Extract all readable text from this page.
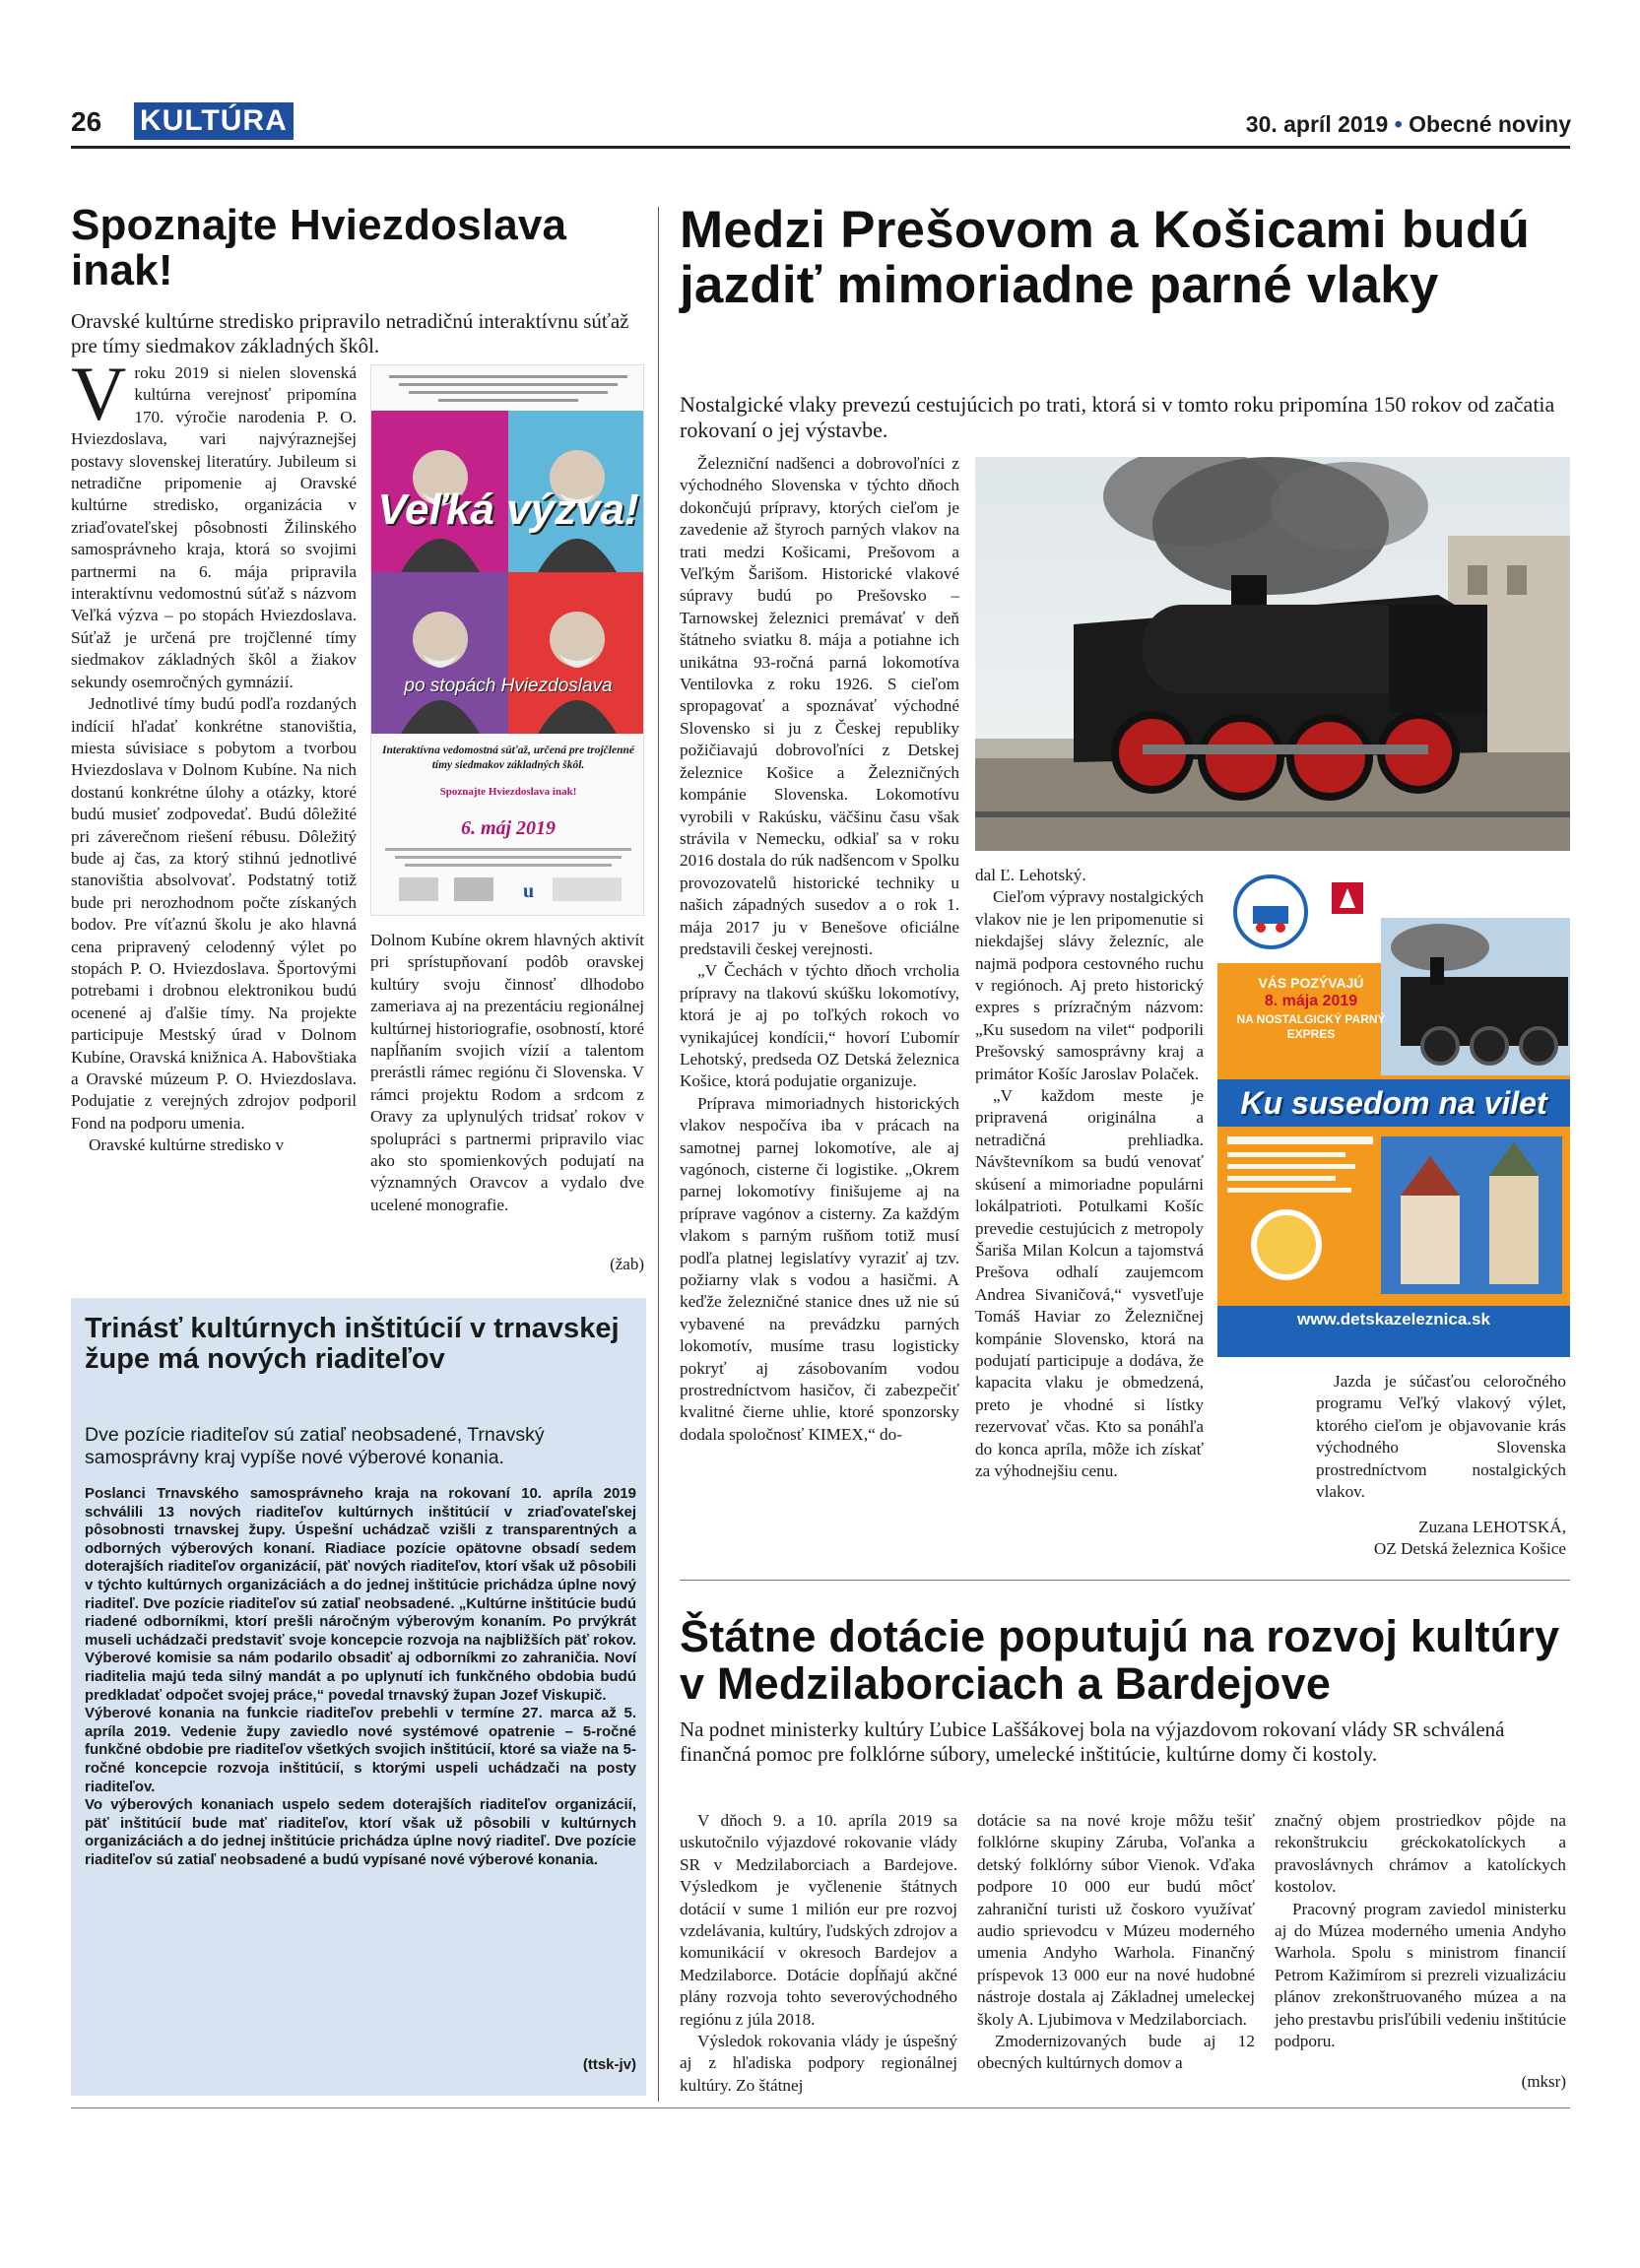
26 KULTÚRA	30. apríl 2019 • Obecné noviny
Spoznajte Hviezdoslava inak!
Oravské kultúrne stredisko pripravilo netradičnú interaktívnu súťaž pre tímy siedmakov základných škôl.

Vroku 2019 si nielen slovenská kultúrna verejnosť pripomína 170. výročie narodenia P. O. Hviezdoslava, vari najvýraznejšej postavy slovenskej literatúry. Jubileum si netradične pripomenie aj Oravské kultúrne stredisko, organizácia v zriaďovateľskej pôsobnosti Žilinského samosprávneho kraja, ktorá so svojimi partnermi na 6. mája pripravila interaktívnu vedomostnú súťaž s názvom Veľká výzva – po stopách Hviezdoslava. Súťaž je určená pre trojčlenné tímy siedmakov základných škôl a žiakov sekundy osemročných gymnázií.

Jednotlivé tímy budú podľa rozdaných indícií hľadať konkrétne stanovištia, miesta súvisiace s pobytom a tvorbou Hviezdoslava v Dolnom Kubíne. Na nich dostanú konkrétne úlohy a otázky, ktoré budú musieť zodpovedať. Budú dôležité pri záverečnom riešení rébusu. Dôležitý bude aj čas, za ktorý stihnú jednotlivé stanovištia absolvovať. Podstatný totiž bude pri nerozhodnom počte získaných bodov. Pre víťaznú školu je ako hlavná cena pripravený celodenný výlet po stopách P. O. Hviezdoslava. Športovými potrebami i drobnou elektronikou budú ocenené aj ďalšie tímy. Na projekte participuje Mestský úrad v Dolnom Kubíne, Oravská knižnica A. Habovštiaka a Oravské múzeum P. O. Hviezdoslava. Podujatie z verejných zdrojov podporil Fond na podporu umenia.

Oravské kultúrne stredisko v

Veľká výzva!
po stopách Hviezdoslava
Interaktívna vedomostná súťaž, určená pre trojčlenné tímy siedmakov základných škôl.
Spoznajte Hviezdoslava inak!
6. máj 2019
u

Dolnom Kubíne okrem hlavných aktivít pri sprístupňovaní podôb oravskej kultúry svoju činnosť dlhodobo zameriava aj na prezentáciu regionálnej kultúrnej historiografie, osobností, ktoré napĺňaním svojich vízií a talentom prerástli rámec regiónu či Slovenska. V rámci projektu Rodom a srdcom z Oravy za uplynulých tridsať rokov v spolupráci s partnermi pripravilo viac ako sto spomienkových podujatí na významných Oravcov a vydalo dve ucelené monografie.

(žab)
Trinásť kultúrnych inštitúcií v trnavskej župe má nových riaditeľov
Dve pozície riaditeľov sú zatiaľ neobsadené, Trnavský samosprávny kraj vypíše nové výberové konania.

Poslanci Trnavského samosprávneho kraja na rokovaní 10. apríla 2019 schválili 13 nových riaditeľov kultúrnych inštitúcií v zriaďovateľskej pôsobnosti trnavskej župy. Úspešní uchádzač vzišli z transparentných a odborných výberových konaní. Riadiace pozície opätovne obsadí sedem doterajších riaditeľov organizácií, päť nových riaditeľov, ktorí však už pôsobili v týchto kultúrnych organizáciách a do jednej inštitúcie prichádza úplne nový riaditeľ. Dve pozície riaditeľov sú zatiaľ neobsadené. „Kultúrne inštitúcie budú riadené odborníkmi, ktorí prešli náročným výberovým konaním. Po prvýkrát museli uchádzači predstaviť svoje koncepcie rozvoja na najbližších päť rokov. Výberové komisie sa nám podarilo obsadiť aj odborníkmi zo zahraničia. Noví riaditelia majú teda silný mandát a po uplynutí ich funkčného obdobia budú predkladať odpočet svojej práce,“ povedal trnavský župan Jozef Viskupič.

Výberové konania na funkcie riaditeľov prebehli v termíne 27. marca až 5. apríla 2019. Vedenie župy zaviedlo nové systémové opatrenie – 5-ročné funkčné obdobie pre riaditeľov všetkých svojich inštitúcií, ktoré sa viaže na 5-ročné koncepcie rozvoja inštitúcií, s ktorými uspeli uchádzači na posty riaditeľov.

Vo výberových konaniach uspelo sedem doterajších riaditeľov organizácií, päť inštitúcií bude mať riaditeľov, ktorí však už pôsobili v kultúrnych organizáciách a do jednej inštitúcie prichádza úplne nový riaditeľ. Dve pozície riaditeľov sú zatiaľ neobsadené a budú vypísané nové výberové konania.

(ttsk-jv)
Medzi Prešovom a Košicami budú jazdiť mimoriadne parné vlaky
Nostalgické vlaky prevezú cestujúcich po trati, ktorá si v tomto roku pripomína 150 rokov od začatia rokovaní o jej výstavbe.

Železniční nadšenci a dobrovoľníci z východného Slovenska v týchto dňoch dokončujú prípravy, ktorých cieľom je zavedenie až štyroch parných vlakov na trati medzi Košicami, Prešovom a Veľkým Šarišom. Historické vlakové súpravy budú po Prešovsko – Tarnowskej železnici premávať v deň štátneho sviatku 8. mája a potiahne ich unikátna 93-ročná parná lokomotíva Ventilovka z roku 1926. S cieľom spropagovať a spoznávať východné Slovensko si ju z Českej republiky požičiavajú dobrovoľníci z Detskej železnice Košice a Železničných kompánie Slovenska. Lokomotívu vyrobili v Rakúsku, väčšinu času však strávila v Nemecku, odkiaľ sa v roku 2016 dostala do rúk nadšencom v Spolku provozovatelů historické techniky u našich západných susedov a o rok 1. mája 2017 ju v Benešove oficiálne predstavili českej verejnosti.

„V Čechách v týchto dňoch vrcholia prípravy na tlakovú skúšku lokomotívy, ktorá je aj po toľkých rokoch vo vynikajúcej kondícii,“ hovorí Ľubomír Lehotský, predseda OZ Detská železnica Košice, ktorá podujatie organizuje.

Príprava mimoriadnych historických vlakov nespočíva iba v prácach na samotnej parnej lokomotíve, ale aj vagónoch, cisterne či logistike. „Okrem parnej lokomotívy finišujeme aj na príprave vagónov a cisterny. Za každým vlakom s parným rušňom totiž musí podľa platnej legislatívy vyraziť aj tzv. požiarny vlak s vodou a hasičmi. A keďže železničné stanice dnes už nie sú vybavené na prevádzku parných lokomotív, musíme trasu logisticky pokryť aj zásobovaním vodou prostredníctvom hasičov, či zabezpečiť kvalitné čierne uhlie, ktoré sponzorsky dodala spoločnosť KIMEX,“ do-

dal Ľ. Lehotský.

Cieľom výpravy nostalgických vlakov nie je len pripomenutie si niekdajšej slávy železníc, ale najmä podpora cestovného ruchu v regiónoch. Aj preto historický expres s prízračným názvom: „Ku susedom na vilet“ podporili Prešovský samosprávny kraj a primátor Košíc Jaroslav Polaček.

„V každom meste je pripravená originálna a netradičná prehliadka. Návštevníkom sa budú venovať skúsení a mimoriadne populárni lokálpatrioti. Potulkami Košíc prevedie cestujúcich z metropoly Šariša Milan Kolcun a tajomstvá Prešova odhalí zaujemcom Andrea Sivaničová,“ vysvetľuje Tomáš Haviar zo Železničnej kompánie Slovensko, ktorá na podujatí participuje a dodáva, že kapacita vlaku je obmedzená, preto je vhodné si lístky rezervovať včas. Kto sa ponáhľa do konca apríla, môže ich získať za výhodnejšiu cenu.

VÁS POZÝVAJÚ
8. mája 2019
NA NOSTALGICKÝ PARNÝ EXPRES
Ku susedom na vilet
www.detskazeleznica.sk

Jazda je súčasťou celoročného programu Veľký vlakový výlet, ktorého cieľom je objavovanie krás východného Slovenska prostredníctvom nostalgických vlakov.

Zuzana LEHOTSKÁ,
OZ Detská železnica Košice
Štátne dotácie poputujú na rozvoj kultúry v Medzilaborciach a Bardejove
Na podnet ministerky kultúry Ľubice Laššákovej bola na výjazdovom rokovaní vlády SR schválená finančná pomoc pre folklórne súbory, umelecké inštitúcie, kultúrne domy či kostoly.

V dňoch 9. a 10. apríla 2019 sa uskutočnilo výjazdové rokovanie vlády SR v Medzilaborciach a Bardejove. Výsledkom je vyčlenenie štátnych dotácií v sume 1 milión eur pre rozvoj vzdelávania, kultúry, ľudských zdrojov a komunikácií v okresoch Bardejov a Medzilaborce. Dotácie dopĺňajú akčné plány rozvoja tohto severovýchodného regiónu z júla 2018.

Výsledok rokovania vlády je úspešný aj z hľadiska podpory regionálnej kultúry. Zo štátnej

dotácie sa na nové kroje môžu tešiť folklórne skupiny Záruba, Voľanka a detský folklórny súbor Vienok. Vďaka podpore 10 000 eur budú môcť zahraniční turisti už čoskoro využívať audio sprievodcu v Múzeu moderného umenia Andyho Warhola. Finančný príspevok 13 000 eur na nové hudobné nástroje dostala aj Základnej umeleckej školy A. Ljubimova v Medzilaborciach.

Zmodernizovaných bude aj 12 obecných kultúrnych domov a

značný objem prostriedkov pôjde na rekonštrukciu gréckokatolíckych a pravoslávnych chrámov a katolíckych kostolov.

Pracovný program zaviedol ministerku aj do Múzea moderného umenia Andyho Warhola. Spolu s ministrom financií Petrom Kažimírom si prezreli vizualizáciu plánov zrekonštruovaného múzea a na jeho prestavbu prisľúbili vedeniu inštitúcie podporu.

(mksr)
